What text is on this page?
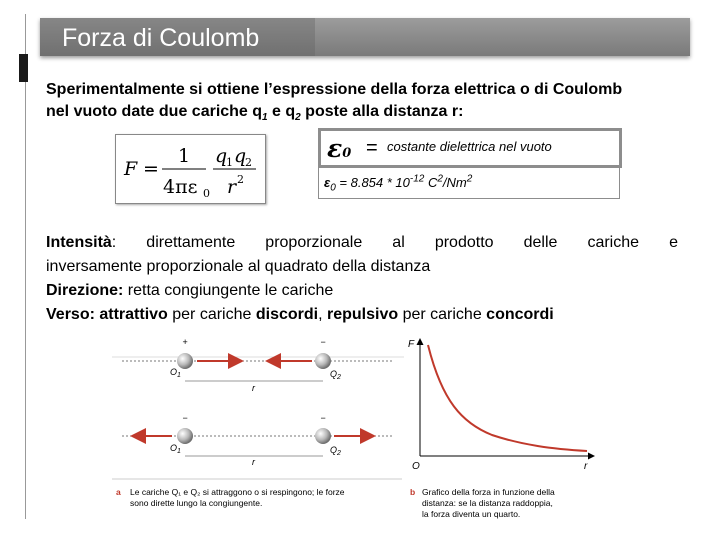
Forza di Coulomb
Sperimentalmente si ottiene l’espressione della forza elettrica o di Coulomb
nel vuoto date due cariche $q_1$ e $q_2$ poste alla distanza r:
F =
1
4πε 0
q
1 q
2
r 2
ε0 = costante dielettrica nel vuoto
$\varepsilon_0 = 8.854 * 10^{-12}$ $C^2/Nm^2$
Intensità: direttamente proporzionale al prodotto delle cariche e
inversamente proporzionale al quadrato della distanza
Direzione: retta congiungente le cariche
Verso: attrattivo per cariche discordi, repulsivo per cariche concordi
+	−
$O_1$	$Q_2$
r
−	−
$O_1$	$Q_2$
r
F
r
O
a Le cariche Q₁ e Q₂ si attraggono o si respingono; le forze
sono dirette lungo la congiungente.
b Grafico della forza in funzione della
distanza: se la distanza raddoppia,
la forza diventa un quarto.
